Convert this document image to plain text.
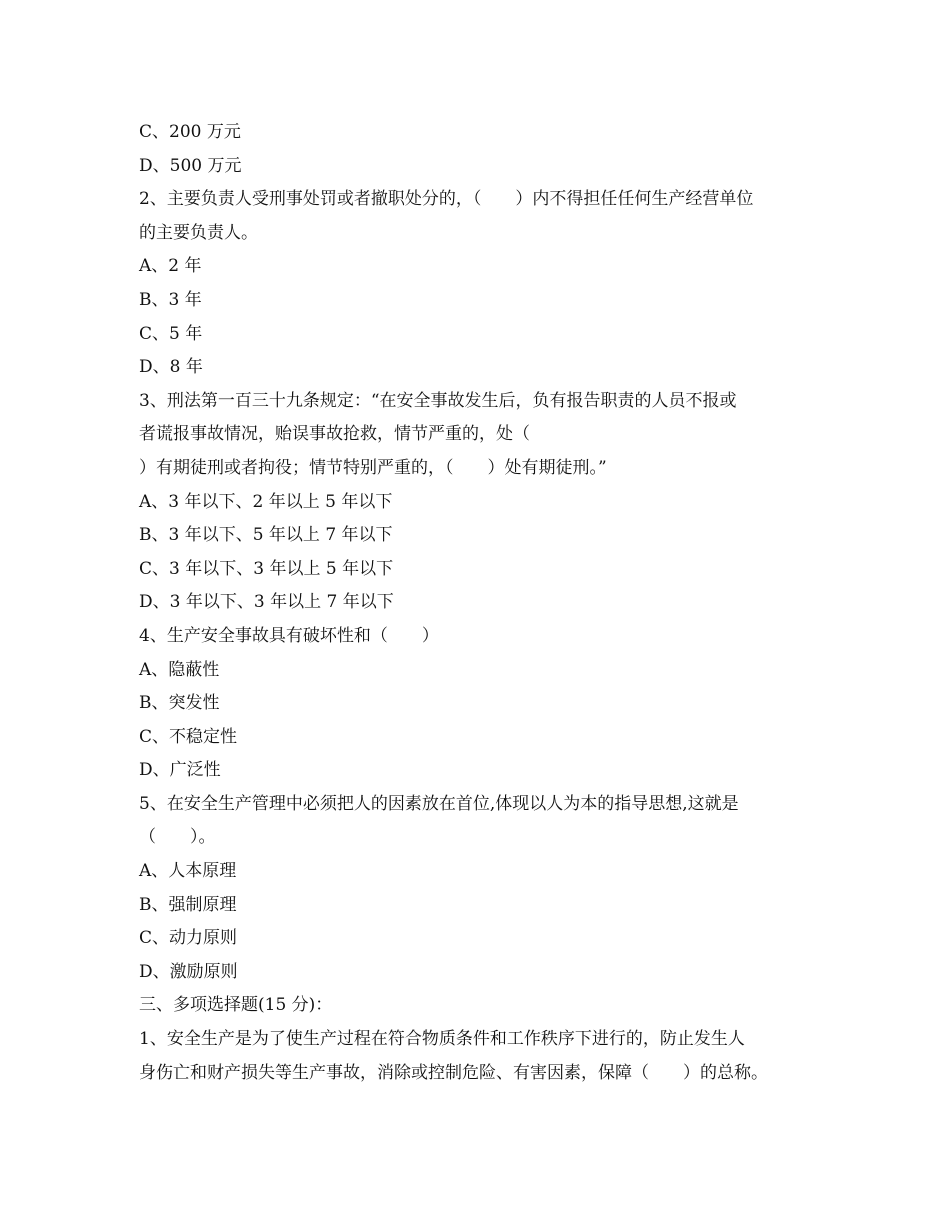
C、200 万元
D、500 万元
2、主要负责人受刑事处罚或者撤职处分的，（　　）内不得担任任何生产经营单位
的主要负责人。
A、2 年
B、3 年
C、5 年
D、8 年
3、刑法第一百三十九条规定：“在安全事故发生后，负有报告职责的人员不报或
者谎报事故情况，贻误事故抢救，情节严重的，处（
）有期徒刑或者拘役；情节特别严重的，（　　）处有期徒刑。”
A、3 年以下、2 年以上 5 年以下
B、3 年以下、5 年以上 7 年以下
C、3 年以下、3 年以上 5 年以下
D、3 年以下、3 年以上 7 年以下
4、生产安全事故具有破坏性和（　　）
A、隐蔽性
B、突发性
C、不稳定性
D、广泛性
5、在安全生产管理中必须把人的因素放在首位,体现以人为本的指导思想,这就是
（　　）。
A、人本原理
B、强制原理
C、动力原则
D、激励原则
三、多项选择题(15 分)：
1、安全生产是为了使生产过程在符合物质条件和工作秩序下进行的，防止发生人
身伤亡和财产损失等生产事故，消除或控制危险、有害因素，保障（　　）的总称。
